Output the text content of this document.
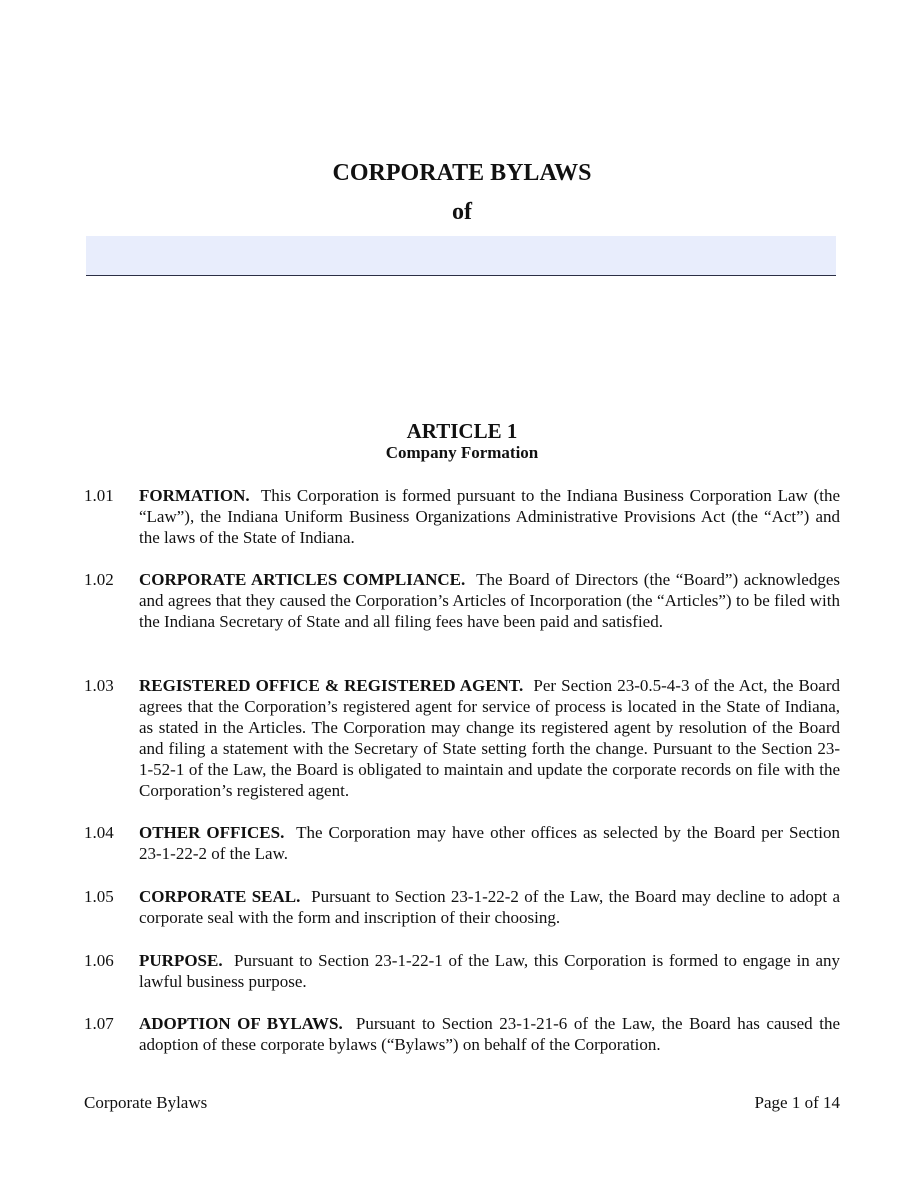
CORPORATE BYLAWS
of
ARTICLE 1
Company Formation
1.01 FORMATION. This Corporation is formed pursuant to the Indiana Business Corporation Law (the “Law”), the Indiana Uniform Business Organizations Administrative Provisions Act (the “Act”) and the laws of the State of Indiana.
1.02 CORPORATE ARTICLES COMPLIANCE. The Board of Directors (the “Board”) acknowledges and agrees that they caused the Corporation’s Articles of Incorporation (the “Articles”) to be filed with the Indiana Secretary of State and all filing fees have been paid and satisfied.
1.03 REGISTERED OFFICE & REGISTERED AGENT. Per Section 23-0.5-4-3 of the Act, the Board agrees that the Corporation’s registered agent for service of process is located in the State of Indiana, as stated in the Articles. The Corporation may change its registered agent by resolution of the Board and filing a statement with the Secretary of State setting forth the change. Pursuant to the Section 23-1-52-1 of the Law, the Board is obligated to maintain and update the corporate records on file with the Corporation’s registered agent.
1.04 OTHER OFFICES. The Corporation may have other offices as selected by the Board per Section 23-1-22-2 of the Law.
1.05 CORPORATE SEAL. Pursuant to Section 23-1-22-2 of the Law, the Board may decline to adopt a corporate seal with the form and inscription of their choosing.
1.06 PURPOSE. Pursuant to Section 23-1-22-1 of the Law, this Corporation is formed to engage in any lawful business purpose.
1.07 ADOPTION OF BYLAWS. Pursuant to Section 23-1-21-6 of the Law, the Board has caused the adoption of these corporate bylaws (“Bylaws”) on behalf of the Corporation.
Corporate Bylaws	Page 1 of 14
